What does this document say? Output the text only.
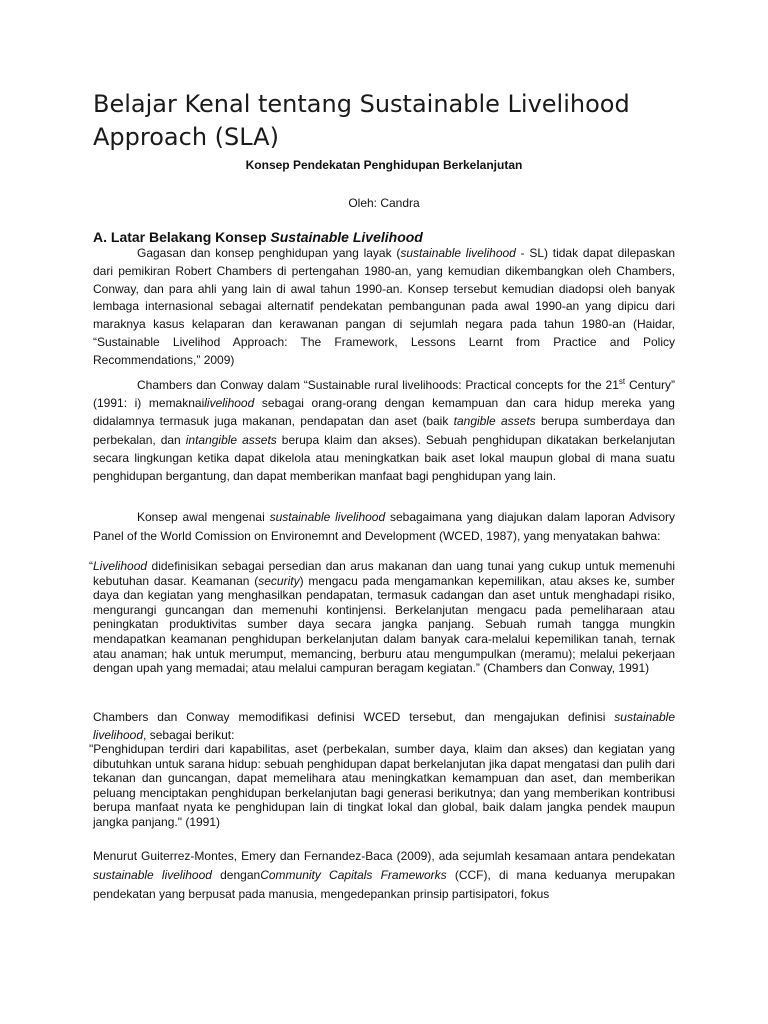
Belajar Kenal tentang Sustainable Livelihood Approach (SLA)

Konsep Pendekatan Penghidupan Berkelanjutan

Oleh: Candra

A. Latar Belakang Konsep Sustainable Livelihood
Gagasan dan konsep penghidupan yang layak (sustainable livelihood - SL) tidak dapat dilepaskan dari pemikiran Robert Chambers di pertengahan 1980-an, yang kemudian dikembangkan oleh Chambers, Conway, dan para ahli yang lain di awal tahun 1990-an. Konsep tersebut kemudian diadopsi oleh banyak lembaga internasional sebagai alternatif pendekatan pembangunan pada awal 1990-an yang dipicu dari maraknya kasus kelaparan dan kerawanan pangan di sejumlah negara pada tahun 1980-an (Haidar, “Sustainable Livelihod Approach: The Framework, Lessons Learnt from Practice and Policy Recommendations,” 2009)
Chambers dan Conway dalam “Sustainable rural livelihoods: Practical concepts for the 21st Century” (1991: i) memaknailivelihood sebagai orang-orang dengan kemampuan dan cara hidup mereka yang didalamnya termasuk juga makanan, pendapatan dan aset (baik tangible assets berupa sumberdaya dan perbekalan, dan intangible assets berupa klaim dan akses). Sebuah penghidupan dikatakan berkelanjutan secara lingkungan ketika dapat dikelola atau meningkatkan baik aset lokal maupun global di mana suatu penghidupan bergantung, dan dapat memberikan manfaat bagi penghidupan yang lain.
Konsep awal mengenai sustainable livelihood sebagaimana yang diajukan dalam laporan Advisory Panel of the World Comission on Environemnt and Development (WCED, 1987), yang menyatakan bahwa:
“Livelihood didefinisikan sebagai persedian dan arus makanan dan uang tunai yang cukup untuk memenuhi kebutuhan dasar. Keamanan (security) mengacu pada mengamankan kepemilikan, atau akses ke, sumber daya dan kegiatan yang menghasilkan pendapatan, termasuk cadangan dan aset untuk menghadapi risiko, mengurangi guncangan dan memenuhi kontinjensi. Berkelanjutan mengacu pada pemeliharaan atau peningkatan produktivitas sumber daya secara jangka panjang. Sebuah rumah tangga mungkin mendapatkan keamanan penghidupan berkelanjutan dalam banyak cara-melalui kepemilikan tanah, ternak atau anaman; hak untuk merumput, memancing, berburu atau mengumpulkan (meramu); melalui pekerjaan dengan upah yang memadai; atau melalui campuran beragam kegiatan.” (Chambers dan Conway, 1991)
Chambers dan Conway memodifikasi definisi WCED tersebut, dan mengajukan definisi sustainable livelihood, sebagai berikut:
"Penghidupan terdiri dari kapabilitas, aset (perbekalan, sumber daya, klaim dan akses) dan kegiatan yang dibutuhkan untuk sarana hidup: sebuah penghidupan dapat berkelanjutan jika dapat mengatasi dan pulih dari tekanan dan guncangan, dapat memelihara atau meningkatkan kemampuan dan aset, dan memberikan peluang menciptakan penghidupan berkelanjutan bagi generasi berikutnya; dan yang memberikan kontribusi berupa manfaat nyata ke penghidupan lain di tingkat lokal dan global, baik dalam jangka pendek maupun jangka panjang." (1991)
Menurut Guiterrez-Montes, Emery dan Fernandez-Baca (2009), ada sejumlah kesamaan antara pendekatan sustainable livelihood denganCommunity Capitals Frameworks (CCF), di mana keduanya merupakan pendekatan yang berpusat pada manusia, mengedepankan prinsip partisipatori, fokus
